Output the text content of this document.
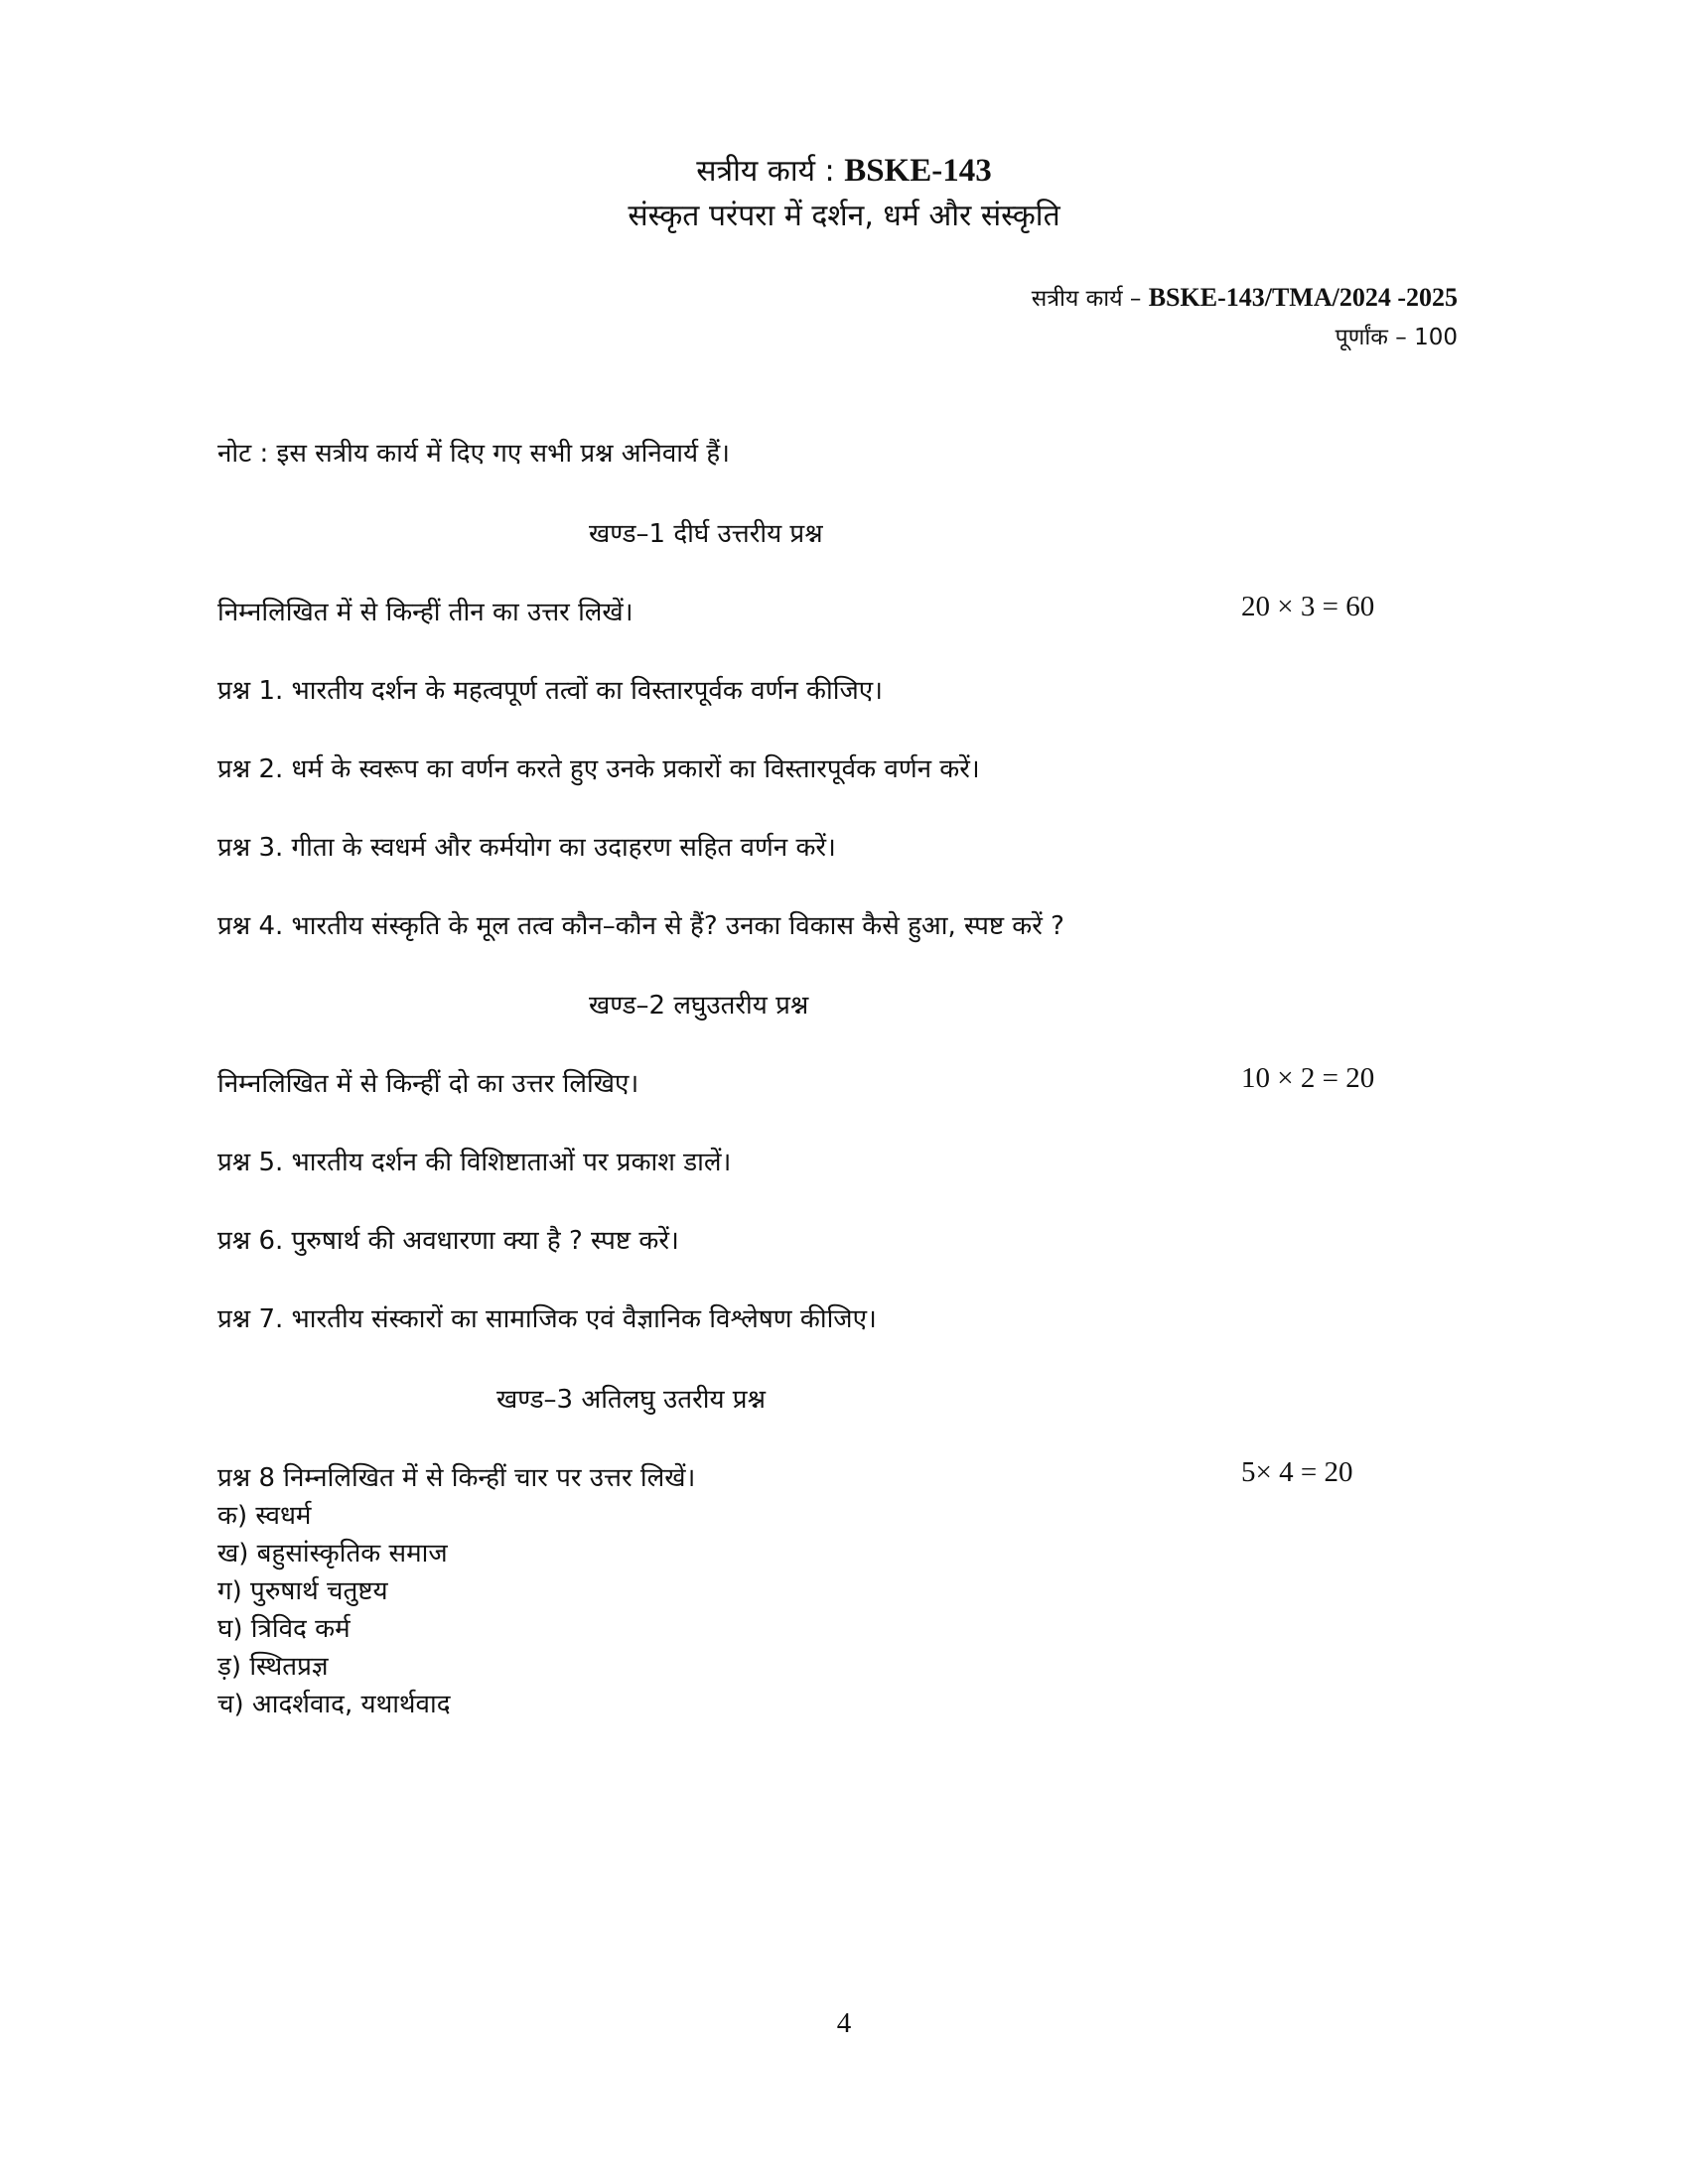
सत्रीय कार्य : BSKE-143
संस्कृत परंपरा में दर्शन, धर्म और संस्कृति
सत्रीय कार्य – BSKE-143/TMA/2024 -2025
पूर्णांक – 100
नोट : इस सत्रीय कार्य में दिए गए सभी प्रश्न अनिवार्य हैं।
खण्ड–1 दीर्घ उत्तरीय प्रश्न
निम्नलिखित में से किन्हीं तीन का उत्तर लिखें।	20 × 3 = 60
प्रश्न 1. भारतीय दर्शन के महत्वपूर्ण तत्वों का विस्तारपूर्वक वर्णन कीजिए।
प्रश्न 2. धर्म के स्वरूप का वर्णन करते हुए उनके प्रकारों का विस्तारपूर्वक वर्णन करें।
प्रश्न 3. गीता के स्वधर्म और कर्मयोग का उदाहरण सहित वर्णन करें।
प्रश्न 4. भारतीय संस्कृति के मूल तत्व कौन–कौन से हैं? उनका विकास कैसे हुआ, स्पष्ट करें ?
खण्ड–2 लघुउतरीय प्रश्न
निम्नलिखित में से किन्हीं दो का उत्तर लिखिए।	10 × 2 = 20
प्रश्न 5. भारतीय दर्शन की विशिष्टाताओं पर प्रकाश डालें।
प्रश्न 6. पुरुषार्थ की अवधारणा क्या है ? स्पष्ट करें।
प्रश्न 7. भारतीय संस्कारों का सामाजिक एवं वैज्ञानिक विश्लेषण कीजिए।
खण्ड–3 अतिलघु उतरीय प्रश्न
प्रश्न 8 निम्नलिखित में से किन्हीं चार पर उत्तर लिखें।	5× 4 = 20
क) स्वधर्म
ख) बहुसांस्कृतिक समाज
ग) पुरुषार्थ चतुष्टय
घ) त्रिविद कर्म
ड़) स्थितप्रज्ञ
च) आदर्शवाद, यथार्थवाद
4
